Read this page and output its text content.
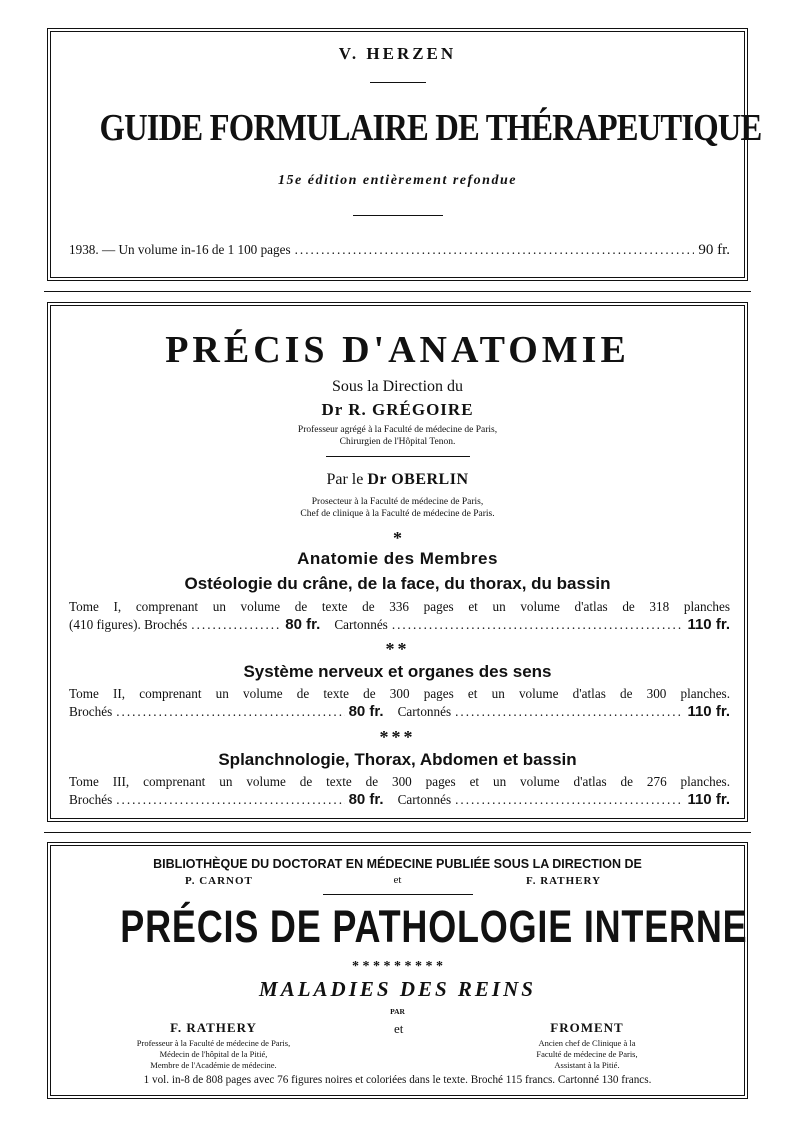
V. HERZEN
GUIDE FORMULAIRE DE THÉRAPEUTIQUE
15e édition entièrement refondue
1938. — Un volume in-16 de 1 100 pages .....	90 fr.
PRÉCIS D'ANATOMIE
Sous la Direction du
Dr R. GRÉGOIRE
Professeur agrégé à la Faculté de médecine de Paris,
Chirurgien de l'Hôpital Tenon.
Par le Dr OBERLIN
Prosecteur à la Faculté de médecine de Paris,
Chef de clinique à la Faculté de médecine de Paris.
*
Anatomie des Membres
Ostéologie du crâne, de la face, du thorax, du bassin
Tome I, comprenant un volume de texte de 336 pages et un volume d'atlas de 318 planches
(410 figures). Brochés .....	80 fr. Cartonnés .....	110 fr.
**
Système nerveux et organes des sens
Tome II, comprenant un volume de texte de 300 pages et un volume d'atlas de 300 planches.
Brochés .....	80 fr. Cartonnés .....	110 fr.
***
Splanchnologie, Thorax, Abdomen et bassin
Tome III, comprenant un volume de texte de 300 pages et un volume d'atlas de 276 planches.
Brochés .....	80 fr. Cartonnés .....	110 fr.
BIBLIOTHÈQUE DU DOCTORAT EN MÉDECINE PUBLIÉE SOUS LA DIRECTION DE
P. CARNOT	et	F. RATHERY
PRÉCIS DE PATHOLOGIE INTERNE
* * * * * * * * *
MALADIES DES REINS
PAR
F. RATHERY
Professeur à la Faculté de médecine de Paris,
Médecin de l'hôpital de la Pitié,
Membre de l'Académie de médecine.
et	FROMENT
Ancien chef de Clinique à la
Faculté de médecine de Paris,
Assistant à la Pitié.
1 vol. in-8 de 808 pages avec 76 figures noires et coloriées dans le texte. Broché 115 francs. Cartonné 130 francs.
